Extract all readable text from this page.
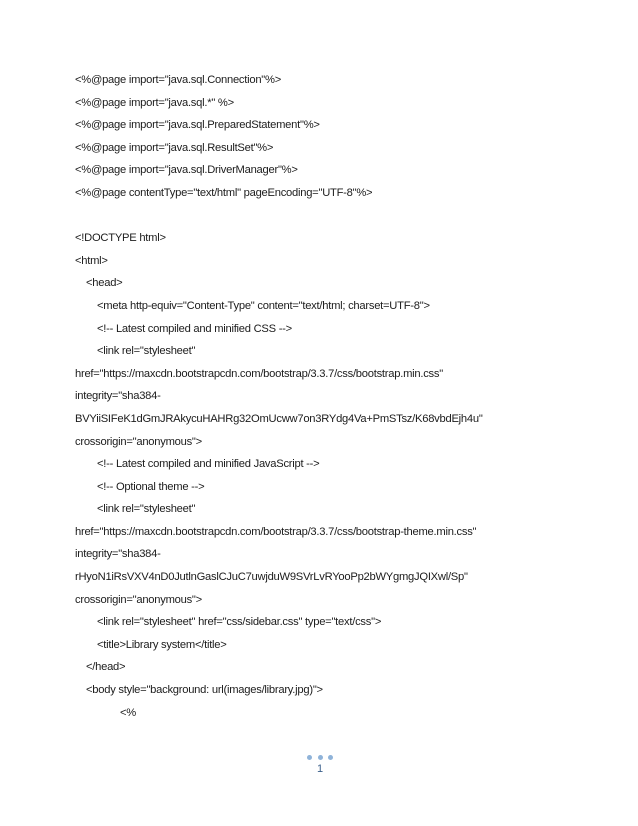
<%@page import="java.sql.Connection"%>
<%@page import="java.sql.*" %>
<%@page import="java.sql.PreparedStatement"%>
<%@page import="java.sql.ResultSet"%>
<%@page import="java.sql.DriverManager"%>
<%@page contentType="text/html" pageEncoding="UTF-8"%>
<!DOCTYPE html>
<html>
<head>
<meta http-equiv="Content-Type" content="text/html; charset=UTF-8">
<!-- Latest compiled and minified CSS -->
<link rel="stylesheet"
href="https://maxcdn.bootstrapcdn.com/bootstrap/3.3.7/css/bootstrap.min.css"
integrity="sha384-
BVYiiSIFeK1dGmJRAkycuHAHRg32OmUcww7on3RYdg4Va+PmSTsz/K68vbdEjh4u"
crossorigin="anonymous">
<!-- Latest compiled and minified JavaScript -->
<!-- Optional theme -->
<link rel="stylesheet"
href="https://maxcdn.bootstrapcdn.com/bootstrap/3.3.7/css/bootstrap-theme.min.css"
integrity="sha384-
rHyoN1iRsVXV4nD0JutlnGaslCJuC7uwjduW9SVrLvRYooPp2bWYgmgJQIXwl/Sp"
crossorigin="anonymous">
<link rel="stylesheet" href="css/sidebar.css" type="text/css">
<title>Library system</title>
</head>
<body style="background: url(images/library.jpg)">
<%
1
